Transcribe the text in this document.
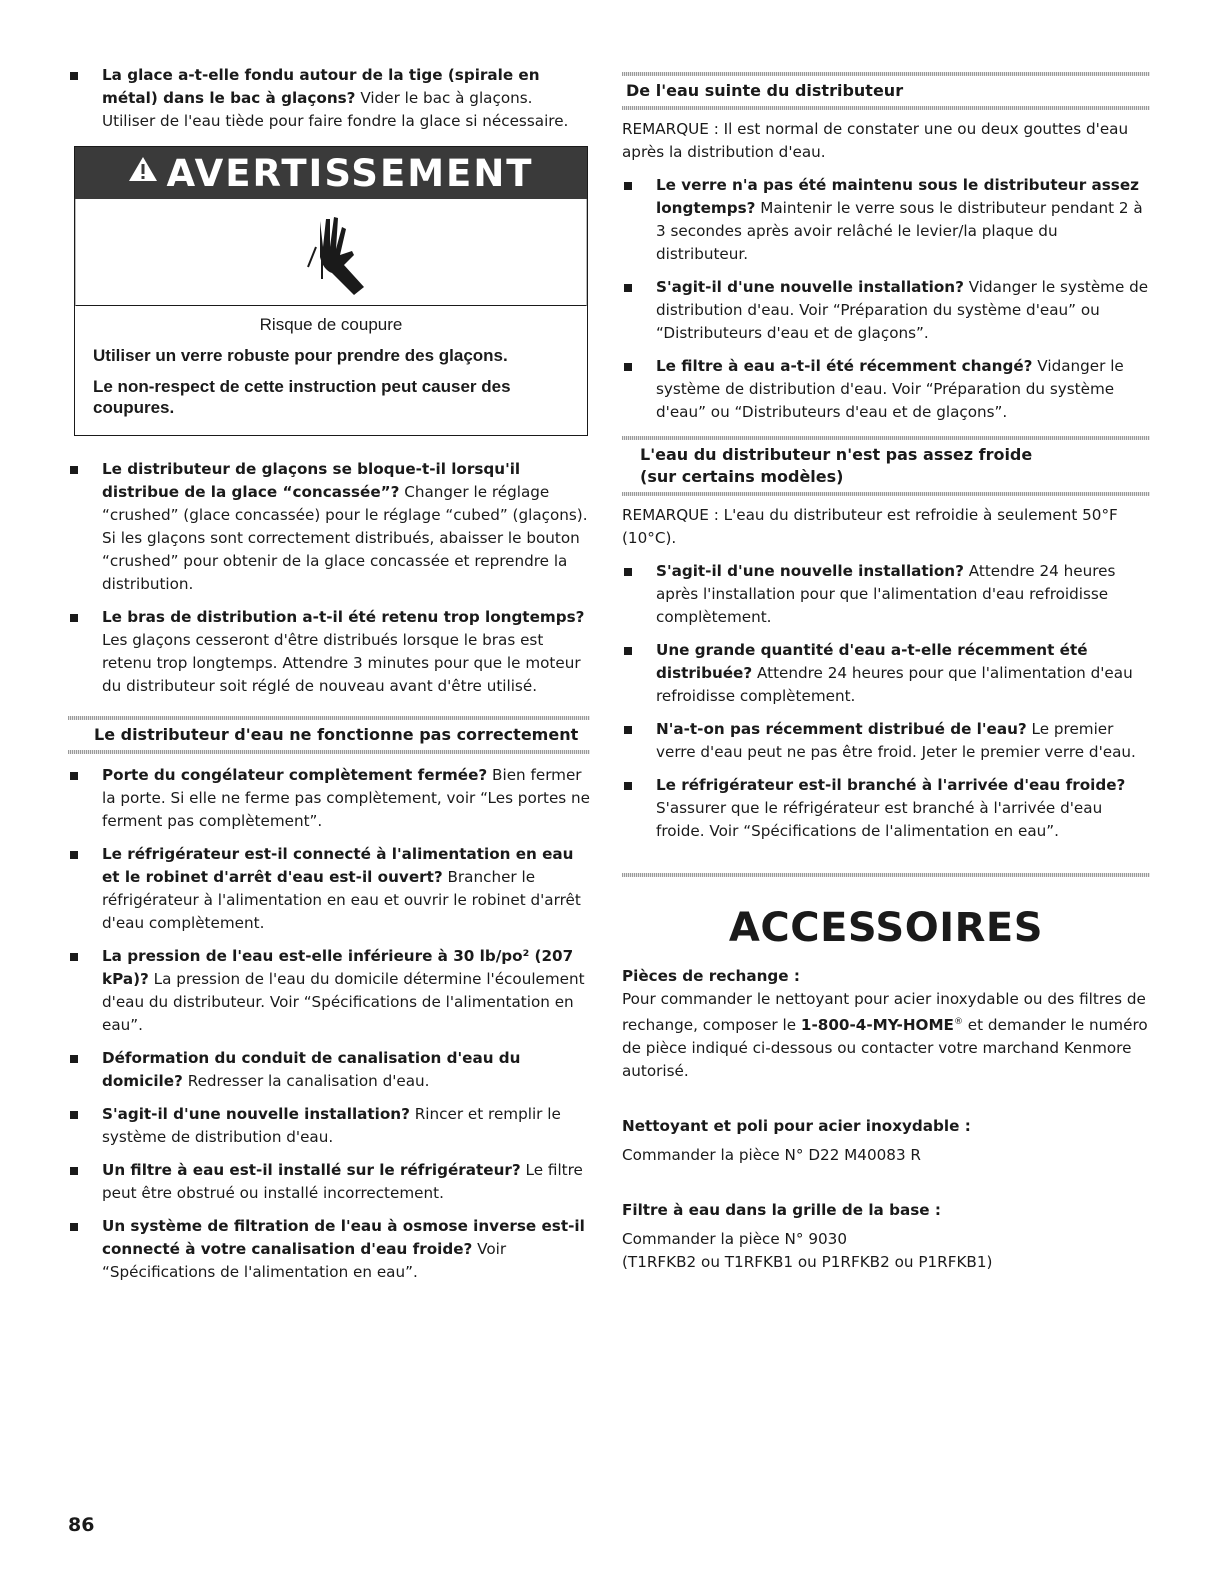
La glace a-t-elle fondu autour de la tige (spirale en métal) dans le bac à glaçons? Vider le bac à glaçons. Utiliser de l'eau tiède pour faire fondre la glace si nécessaire.
AVERTISSEMENT
Risque de coupure
Utiliser un verre robuste pour prendre des glaçons.
Le non-respect de cette instruction peut causer des coupures.
Le distributeur de glaçons se bloque-t-il lorsqu'il distribue de la glace “concassée”? Changer le réglage “crushed” (glace concassée) pour le réglage “cubed” (glaçons). Si les glaçons sont correctement distribués, abaisser le bouton “crushed” pour obtenir de la glace concassée et reprendre la distribution.
Le bras de distribution a-t-il été retenu trop longtemps? Les glaçons cesseront d'être distribués lorsque le bras est retenu trop longtemps. Attendre 3 minutes pour que le moteur du distributeur soit réglé de nouveau avant d'être utilisé.
Le distributeur d'eau ne fonctionne pas correctement
Porte du congélateur complètement fermée? Bien fermer la porte. Si elle ne ferme pas complètement, voir “Les portes ne ferment pas complètement”.
Le réfrigérateur est-il connecté à l'alimentation en eau et le robinet d'arrêt d'eau est-il ouvert? Brancher le réfrigérateur à l'alimentation en eau et ouvrir le robinet d'arrêt d'eau complètement.
La pression de l'eau est-elle inférieure à 30 lb/po² (207 kPa)? La pression de l'eau du domicile détermine l'écoulement d'eau du distributeur. Voir “Spécifications de l'alimentation en eau”.
Déformation du conduit de canalisation d'eau du domicile? Redresser la canalisation d'eau.
S'agit-il d'une nouvelle installation? Rincer et remplir le système de distribution d'eau.
Un filtre à eau est-il installé sur le réfrigérateur? Le filtre peut être obstrué ou installé incorrectement.
Un système de filtration de l'eau à osmose inverse est-il connecté à votre canalisation d'eau froide? Voir “Spécifications de l'alimentation en eau”.
De l'eau suinte du distributeur
REMARQUE : Il est normal de constater une ou deux gouttes d'eau après la distribution d'eau.
Le verre n'a pas été maintenu sous le distributeur assez longtemps? Maintenir le verre sous le distributeur pendant 2 à 3 secondes après avoir relâché le levier/la plaque du distributeur.
S'agit-il d'une nouvelle installation? Vidanger le système de distribution d'eau. Voir “Préparation du système d'eau” ou “Distributeurs d'eau et de glaçons”.
Le filtre à eau a-t-il été récemment changé? Vidanger le système de distribution d'eau. Voir “Préparation du système d'eau” ou “Distributeurs d'eau et de glaçons”.
L'eau du distributeur n'est pas assez froide
(sur certains modèles)
REMARQUE : L'eau du distributeur est refroidie à seulement 50°F (10°C).
S'agit-il d'une nouvelle installation? Attendre 24 heures après l'installation pour que l'alimentation d'eau refroidisse complètement.
Une grande quantité d'eau a-t-elle récemment été distribuée? Attendre 24 heures pour que l'alimentation d'eau refroidisse complètement.
N'a-t-on pas récemment distribué de l'eau? Le premier verre d'eau peut ne pas être froid. Jeter le premier verre d'eau.
Le réfrigérateur est-il branché à l'arrivée d'eau froide? S'assurer que le réfrigérateur est branché à l'arrivée d'eau froide. Voir “Spécifications de l'alimentation en eau”.
ACCESSOIRES
Pièces de rechange :
Pour commander le nettoyant pour acier inoxydable ou des filtres de rechange, composer le 1-800-4-MY-HOME® et demander le numéro de pièce indiqué ci-dessous ou contacter votre marchand Kenmore autorisé.
Nettoyant et poli pour acier inoxydable :
Commander la pièce N° D22 M40083 R
Filtre à eau dans la grille de la base :
Commander la pièce N° 9030
(T1RFKB2 ou T1RFKB1 ou P1RFKB2 ou P1RFKB1)
86
